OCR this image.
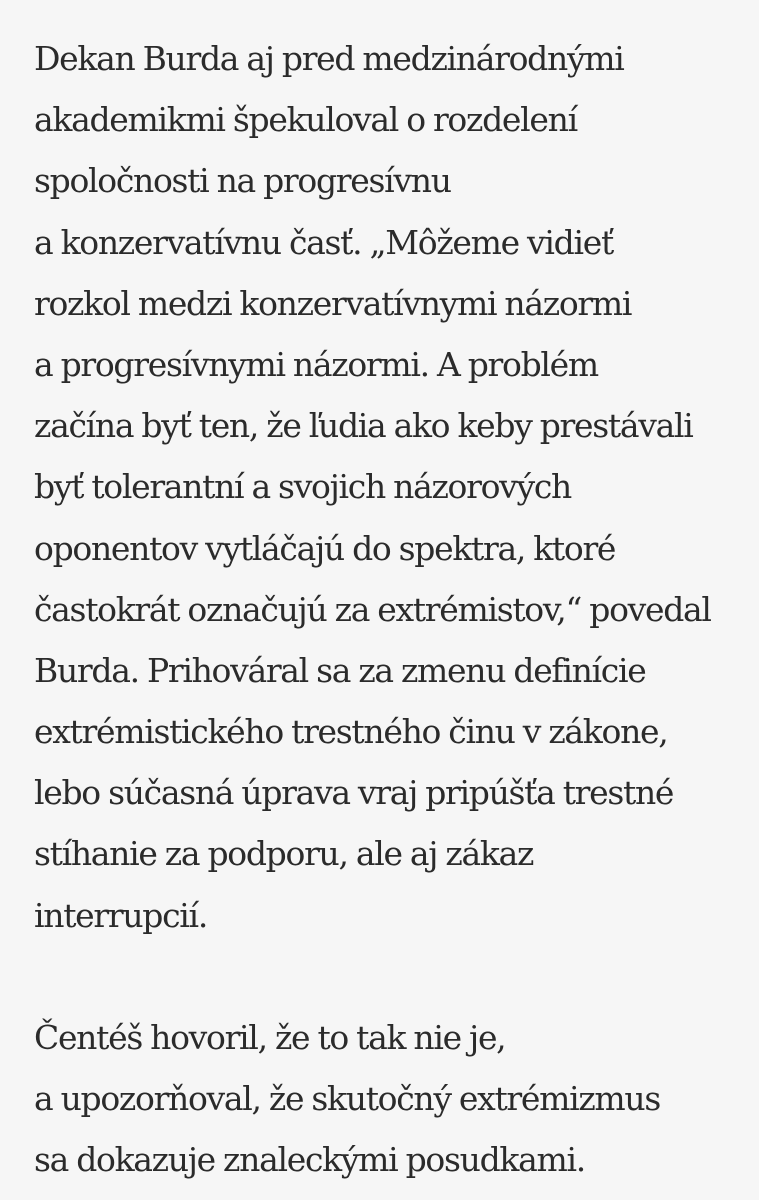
Dekan Burda aj pred medzinárodnými
akademikmi špekuloval o rozdelení
spoločnosti na progresívnu
a konzervatívnu časť. „Môžeme vidieť
rozkol medzi konzervatívnymi názormi
a progresívnymi názormi. A problém
začína byť ten, že ľudia ako keby prestávali
byť tolerantní a svojich názorových
oponentov vytláčajú do spektra, ktoré
častokrát označujú za extrémistov,“ povedal
Burda. Prihováral sa za zmenu definície
extrémistického trestného činu v zákone,
lebo súčasná úprava vraj pripúšťa trestné
stíhanie za podporu, ale aj zákaz
interrupcií.

Čentéš hovoril, že to tak nie je,
a upozorňoval, že skutočný extrémizmus
sa dokazuje znaleckými posudkami.
